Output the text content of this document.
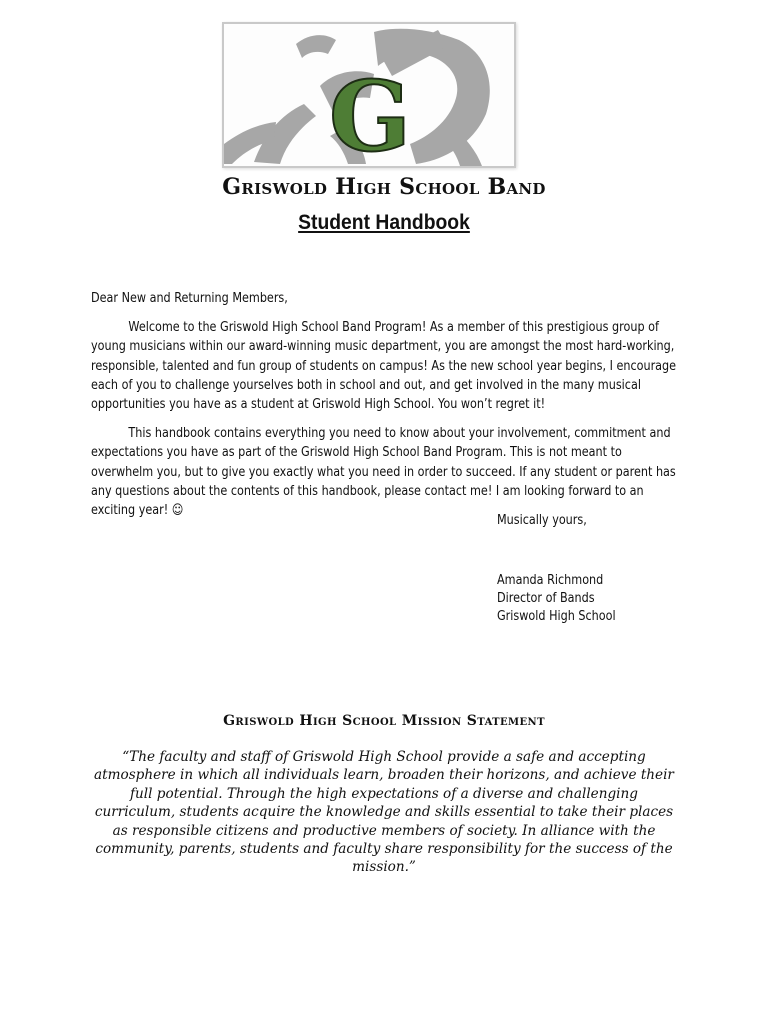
G
Griswold High School Band
Student Handbook

Dear New and Returning Members,

Welcome to the Griswold High School Band Program! As a member of this prestigious group of young musicians within our award-winning music department, you are amongst the most hard-working, responsible, talented and fun group of students on campus! As the new school year begins, I encourage each of you to challenge yourselves both in school and out, and get involved in the many musical opportunities you have as a student at Griswold High School. You won’t regret it!

This handbook contains everything you need to know about your involvement, commitment and expectations you have as part of the Griswold High School Band Program. This is not meant to overwhelm you, but to give you exactly what you need in order to succeed. If any student or parent has any questions about the contents of this handbook, please contact me! I am looking forward to an exciting year! ☺

Musically yours,
Amanda Richmond
Director of Bands
Griswold High School
Griswold High School Mission Statement
“The faculty and staff of Griswold High School provide a safe and accepting atmosphere in which all individuals learn, broaden their horizons, and achieve their full potential. Through the high expectations of a diverse and challenging curriculum, students acquire the knowledge and skills essential to take their places as responsible citizens and productive members of society. In alliance with the community, parents, students and faculty share responsibility for the success of the mission.”
